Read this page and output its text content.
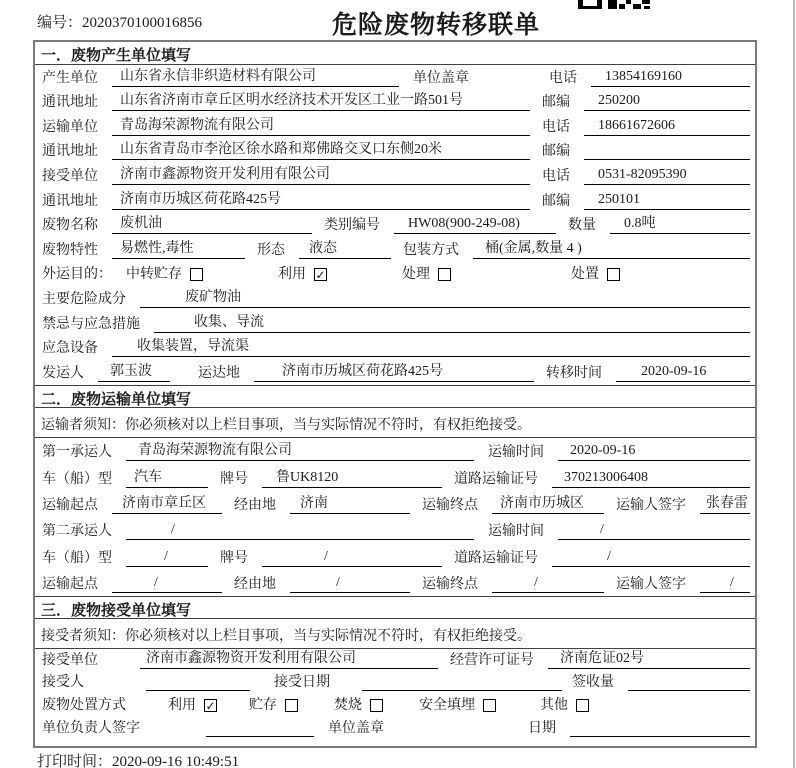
编号：2020370100016856	危险废物转移联单
一．废物产生单位填写
产生单位	山东省永信非织造材料有限公司	单位盖章	电话	13854169160
通讯地址	山东省济南市章丘区明水经济技术开发区工业一路501号	邮编	250200
运输单位	青岛海荣源物流有限公司	电话	18661672606
通讯地址	山东省青岛市李沧区徐水路和郑佛路交叉口东侧20米	邮编
接受单位	济南市鑫源物资开发利用有限公司	电话	0531-82095390
通讯地址	济南市历城区荷花路425号	邮编	250101
废物名称	废机油	类别编号	HW08(900-249-08)	数量	0.8吨
废物特性	易燃性,毒性	形态	液态	包装方式	桶(金属,数量 4 )
外运目的：	中转贮存	利用 ✓	处理	处置
主要危险成分	废矿物油
禁忌与应急措施	收集、导流
应急设备	收集装置，导流渠
发运人	郭玉波	运达地	济南市历城区荷花路425号	转移时间	2020-09-16
二．废物运输单位填写
运输者须知：你必须核对以上栏目事项，当与实际情况不符时，有权拒绝接受。
第一承运人	青岛海荣源物流有限公司	运输时间	2020-09-16
车（船）型	汽车	牌号	鲁UK8120	道路运输证号	370213006408
运输起点	济南市章丘区	经由地	济南	运输终点	济南市历城区	运输人签字	张春雷
第二承运人	/	运输时间	/
车（船）型	/	牌号	/	道路运输证号	/
运输起点	/	经由地	/	运输终点	/	运输人签字	/
三．废物接受单位填写
接受者须知：你必须核对以上栏目事项，当与实际情况不符时，有权拒绝接受。
接受单位	济南市鑫源物资开发利用有限公司	经营许可证号	济南危证02号
接受人	接受日期	签收量
废物处置方式	利用 ✓ 贮存	焚烧	安全填埋	其他
单位负责人签字	单位盖章	日期
打印时间：2020-09-16 10:49:51
